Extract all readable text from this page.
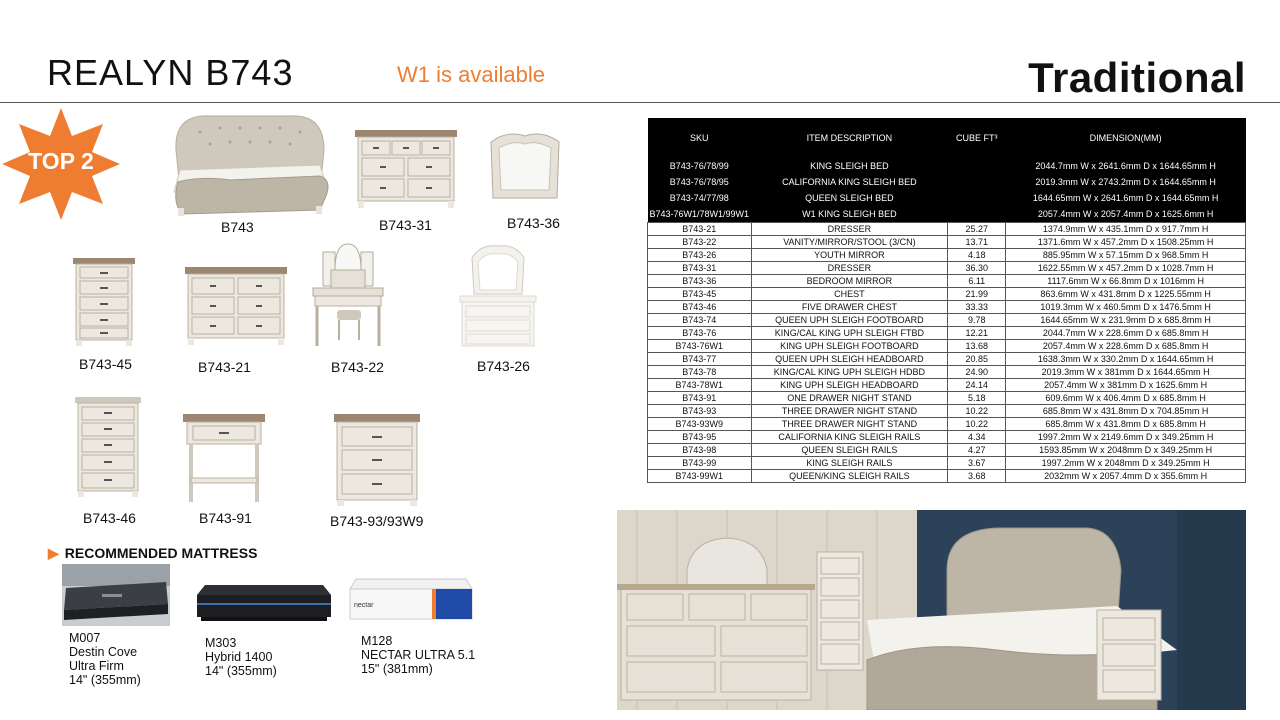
REALYN B743	W1 is available	Traditional
TOP 2
B743	B743-31	B743-36
B743-45	B743-21	B743-22	B743-26
B743-46	B743-91	B743-93/93W9
SKU	ITEM DESCRIPTION	CUBE FT³	DIMENSION(MM)
B743-76/78/99	KING SLEIGH BED		2044.7mm W x 2641.6mm D x 1644.65mm H
B743-76/78/95	CALIFORNIA KING SLEIGH BED		2019.3mm W x 2743.2mm D x 1644.65mm H
B743-74/77/98	QUEEN SLEIGH BED		1644.65mm W x 2641.6mm D x 1644.65mm H
B743-76W1/78W1/99W1	W1 KING SLEIGH BED		2057.4mm W x 2057.4mm D x 1625.6mm H
B743-21	DRESSER	25.27	1374.9mm W x 435.1mm D x 917.7mm H
B743-22	VANITY/MIRROR/STOOL (3/CN)	13.71	1371.6mm W x 457.2mm D x 1508.25mm H
B743-26	YOUTH MIRROR	4.18	885.95mm W x 57.15mm D x 968.5mm H
B743-31	DRESSER	36.30	1622.55mm W x 457.2mm D x 1028.7mm H
B743-36	BEDROOM MIRROR	6.11	1117.6mm W x 66.8mm D x 1016mm H
B743-45	CHEST	21.99	863.6mm W x 431.8mm D x 1225.55mm H
B743-46	FIVE DRAWER CHEST	33.33	1019.3mm W x 460.5mm D x 1476.5mm H
B743-74	QUEEN UPH SLEIGH FOOTBOARD	9.78	1644.65mm W x 231.9mm D x 685.8mm H
B743-76	KING/CAL KING UPH SLEIGH FTBD	12.21	2044.7mm W x 228.6mm D x 685.8mm H
B743-76W1	KING UPH SLEIGH FOOTBOARD	13.68	2057.4mm W x 228.6mm D x 685.8mm H
B743-77	QUEEN UPH SLEIGH HEADBOARD	20.85	1638.3mm W x 330.2mm D x 1644.65mm H
B743-78	KING/CAL KING UPH SLEIGH HDBD	24.90	2019.3mm W x 381mm D x 1644.65mm H
B743-78W1	KING UPH SLEIGH HEADBOARD	24.14	2057.4mm W x 381mm D x 1625.6mm H
B743-91	ONE DRAWER NIGHT STAND	5.18	609.6mm W x 406.4mm D x 685.8mm H
B743-93	THREE DRAWER NIGHT STAND	10.22	685.8mm W x 431.8mm D x 704.85mm H
B743-93W9	THREE DRAWER NIGHT STAND	10.22	685.8mm W x 431.8mm D x 685.8mm H
B743-95	CALIFORNIA KING SLEIGH RAILS	4.34	1997.2mm W x 2149.6mm D x 349.25mm H
B743-98	QUEEN SLEIGH RAILS	4.27	1593.85mm W x 2048mm D x 349.25mm H
B743-99	KING SLEIGH RAILS	3.67	1997.2mm W x 2048mm D x 349.25mm H
B743-99W1	QUEEN/KING SLEIGH RAILS	3.68	2032mm W x 2057.4mm D x 355.6mm H
▶ RECOMMENDED MATTRESS
nectar
M007
Destin Cove
Ultra Firm
14" (355mm)
M303
Hybrid 1400
14" (355mm)
M128
NECTAR ULTRA 5.1
15" (381mm)
